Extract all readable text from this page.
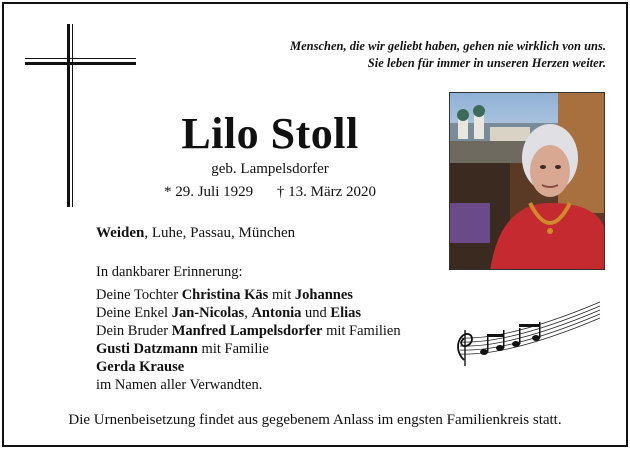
Menschen, die wir geliebt haben, gehen nie wirklich von uns.
Sie leben für immer in unseren Herzen weiter.
Lilo Stoll
geb. Lampelsdorfer
* 29. Juli 1929 † 13. März 2020
Weiden, Luhe, Passau, München
In dankbarer Erinnerung:
Deine Tochter Christina Käs mit Johannes
Deine Enkel Jan-Nicolas, Antonia und Elias
Dein Bruder Manfred Lampelsdorfer mit Familien
Gusti Datzmann mit Familie
Gerda Krause
im Namen aller Verwandten.
Die Urnenbeisetzung findet aus gegebenem Anlass im engsten Familienkreis statt.
